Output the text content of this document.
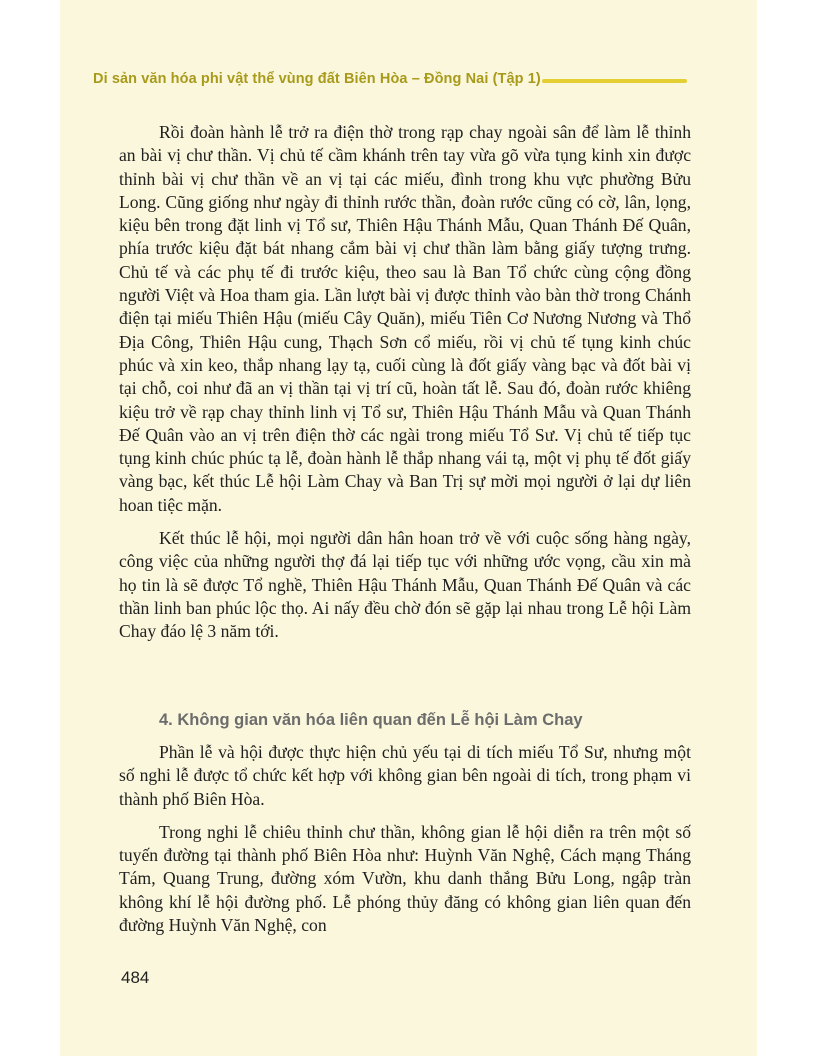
Di sản văn hóa phi vật thể vùng đất Biên Hòa – Đồng Nai (Tập 1)

Rồi đoàn hành lễ trở ra điện thờ trong rạp chay ngoài sân để làm lễ thỉnh an bài vị chư thần. Vị chủ tế cầm khánh trên tay vừa gõ vừa tụng kinh xin được thỉnh bài vị chư thần về an vị tại các miếu, đình trong khu vực phường Bửu Long. Cũng giống như ngày đi thỉnh rước thần, đoàn rước cũng có cờ, lân, lọng, kiệu bên trong đặt linh vị Tổ sư, Thiên Hậu Thánh Mẫu, Quan Thánh Đế Quân, phía trước kiệu đặt bát nhang cắm bài vị chư thần làm bằng giấy tượng trưng. Chủ tế và các phụ tế đi trước kiệu, theo sau là Ban Tổ chức cùng cộng đồng người Việt và Hoa tham gia. Lần lượt bài vị được thỉnh vào bàn thờ trong Chánh điện tại miếu Thiên Hậu (miếu Cây Quăn), miếu Tiên Cơ Nương Nương và Thổ Địa Công, Thiên Hậu cung, Thạch Sơn cổ miếu, rồi vị chủ tế tụng kinh chúc phúc và xin keo, thắp nhang lạy tạ, cuối cùng là đốt giấy vàng bạc và đốt bài vị tại chỗ, coi như đã an vị thần tại vị trí cũ, hoàn tất lễ. Sau đó, đoàn rước khiêng kiệu trở về rạp chay thỉnh linh vị Tổ sư, Thiên Hậu Thánh Mẫu và Quan Thánh Đế Quân vào an vị trên điện thờ các ngài trong miếu Tổ Sư. Vị chủ tế tiếp tục tụng kinh chúc phúc tạ lễ, đoàn hành lễ thắp nhang vái tạ, một vị phụ tế đốt giấy vàng bạc, kết thúc Lễ hội Làm Chay và Ban Trị sự mời mọi người ở lại dự liên hoan tiệc mặn.

Kết thúc lễ hội, mọi người dân hân hoan trở về với cuộc sống hàng ngày, công việc của những người thợ đá lại tiếp tục với những ước vọng, cầu xin mà họ tin là sẽ được Tổ nghề, Thiên Hậu Thánh Mẫu, Quan Thánh Đế Quân và các thần linh ban phúc lộc thọ. Ai nấy đều chờ đón sẽ gặp lại nhau trong Lễ hội Làm Chay đáo lệ 3 năm tới.

4. Không gian văn hóa liên quan đến Lễ hội Làm Chay

Phần lễ và hội được thực hiện chủ yếu tại di tích miếu Tổ Sư, nhưng một số nghi lễ được tổ chức kết hợp với không gian bên ngoài di tích, trong phạm vi thành phố Biên Hòa.

Trong nghi lễ chiêu thỉnh chư thần, không gian lễ hội diễn ra trên một số tuyến đường tại thành phố Biên Hòa như: Huỳnh Văn Nghệ, Cách mạng Tháng Tám, Quang Trung, đường xóm Vườn, khu danh thắng Bửu Long, ngập tràn không khí lễ hội đường phố. Lễ phóng thủy đăng có không gian liên quan đến đường Huỳnh Văn Nghệ, con

484
